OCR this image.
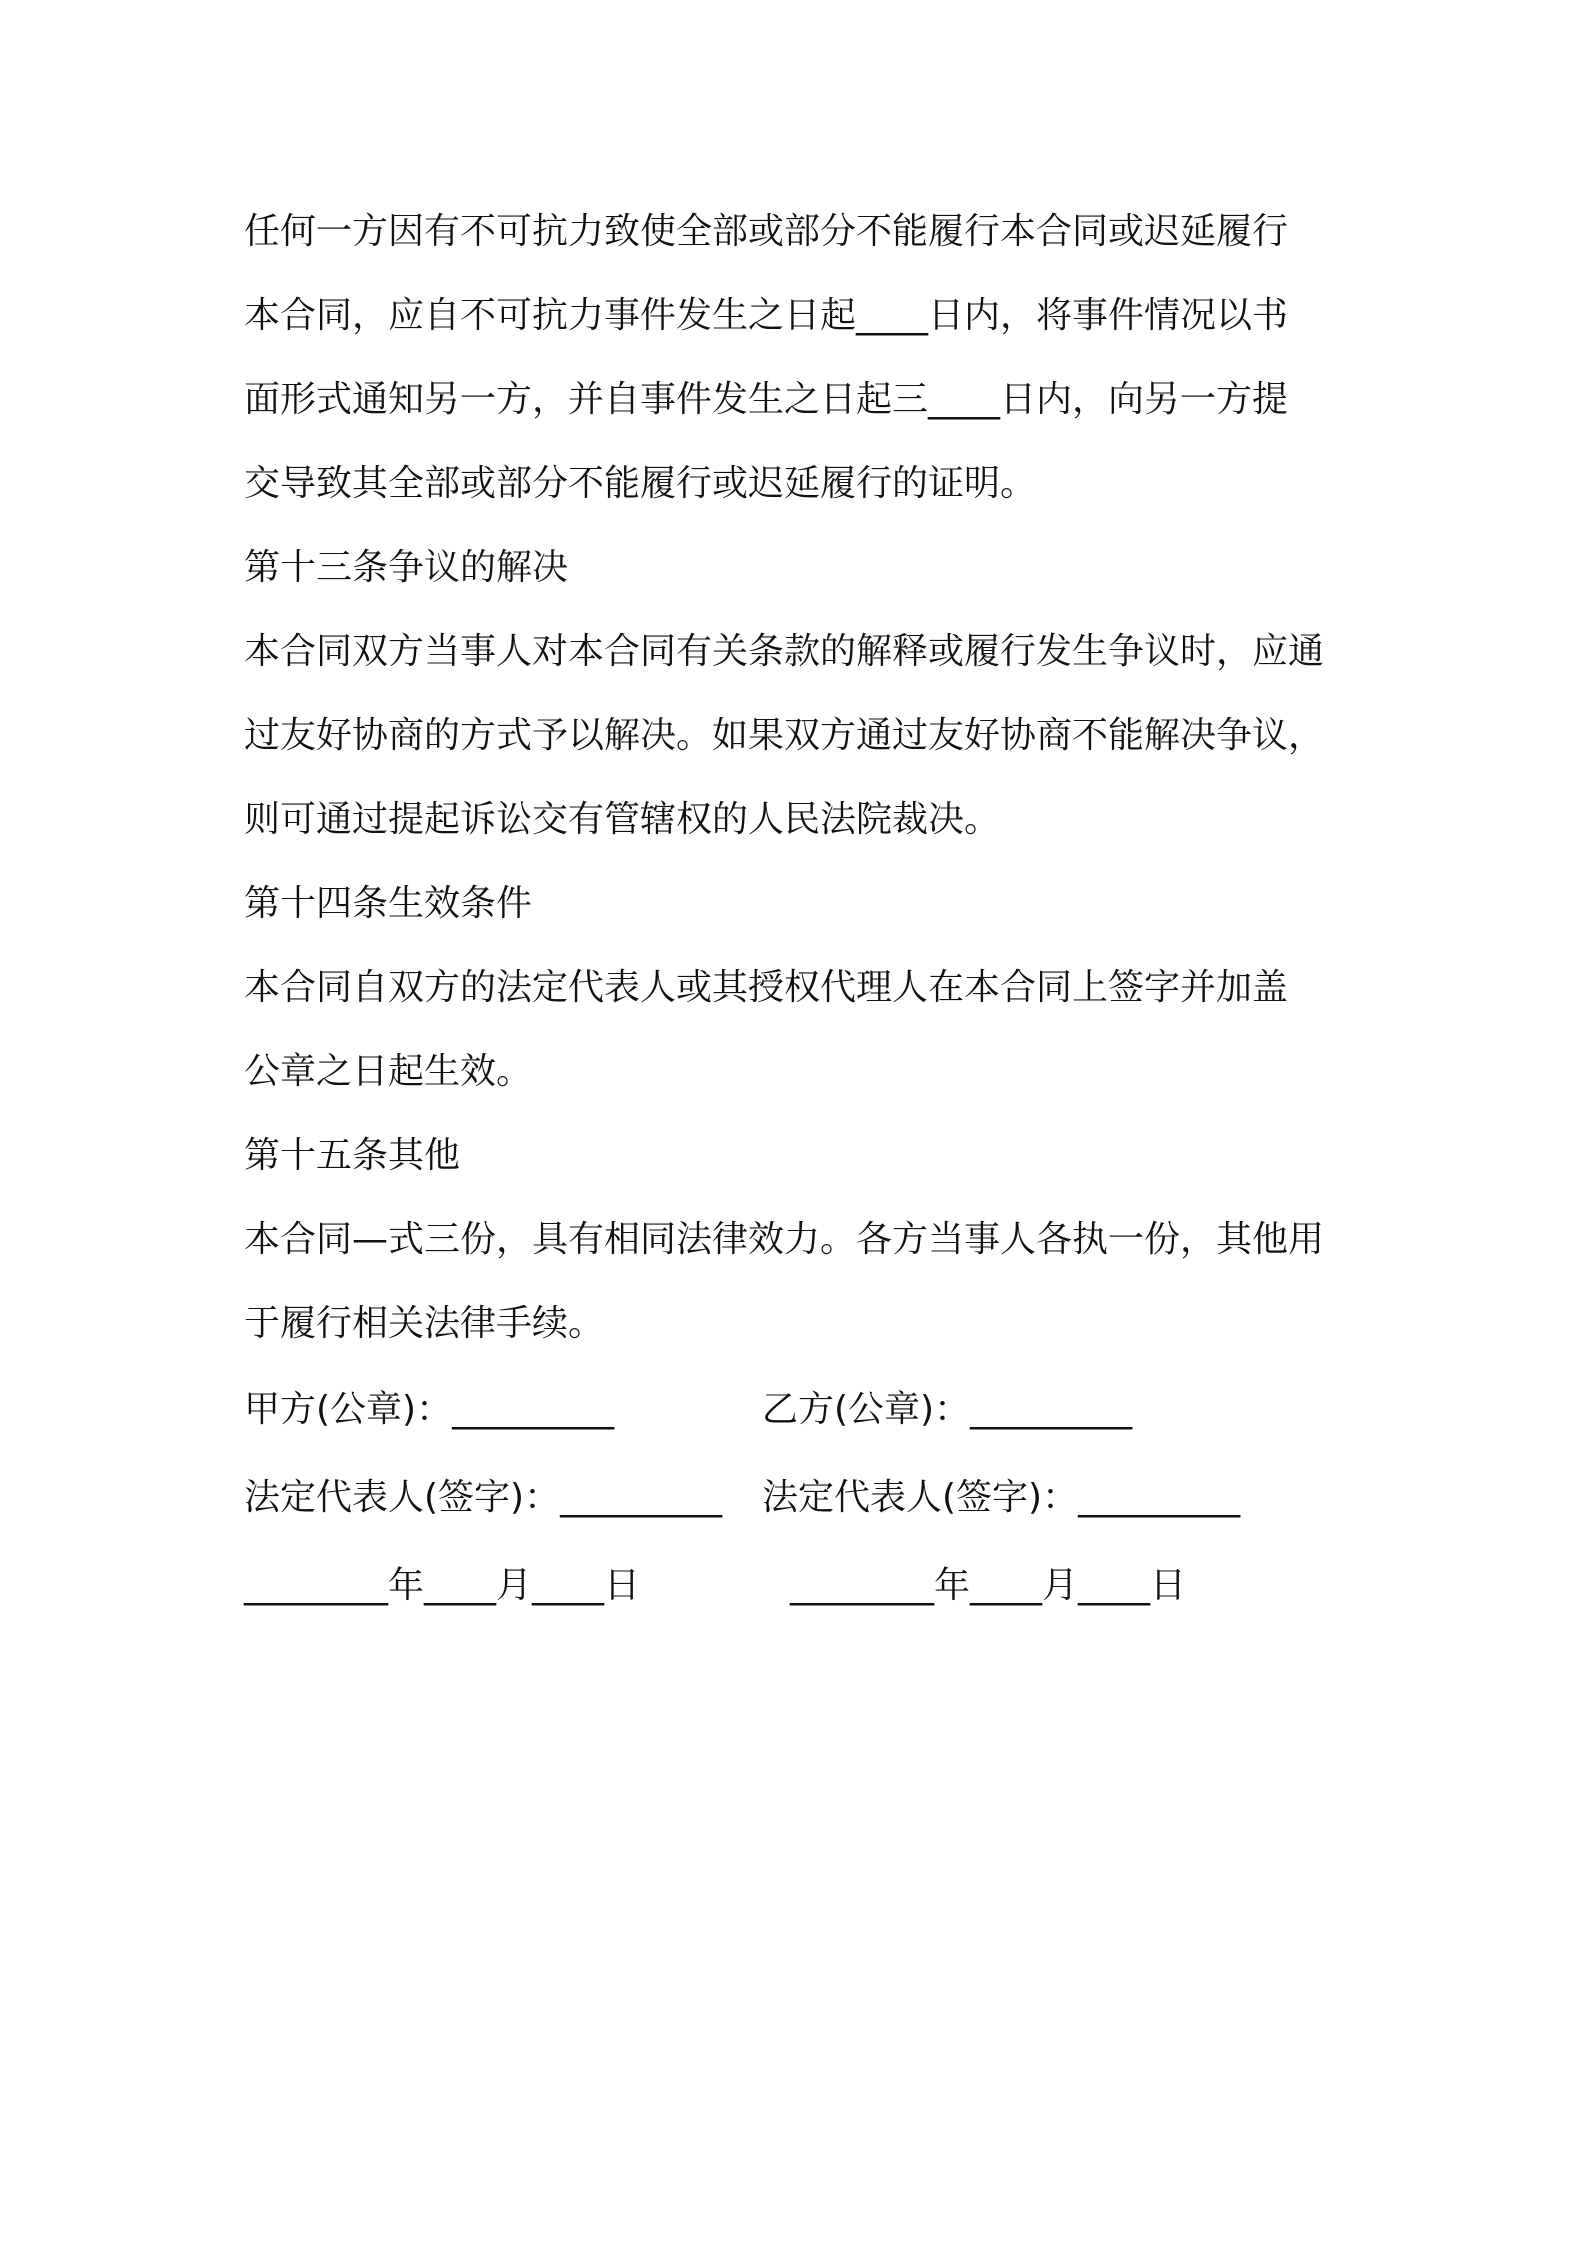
任何一方因有不可抗力致使全部或部分不能履行本合同或迟延履行
本合同，应自不可抗力事件发生之日起____日内，将事件情况以书
面形式通知另一方，并自事件发生之日起三____日内，向另一方提
交导致其全部或部分不能履行或迟延履行的证明。
第十三条争议的解决
本合同双方当事人对本合同有关条款的解释或履行发生争议时，应通
过友好协商的方式予以解决。如果双方通过友好协商不能解决争议，
则可通过提起诉讼交有管辖权的人民法院裁决。
第十四条生效条件
本合同自双方的法定代表人或其授权代理人在本合同上签字并加盖
公章之日起生效。
第十五条其他
本合同—式三份，具有相同法律效力。各方当事人各执一份，其他用
于履行相关法律手续。
甲方(公章)：_________	乙方(公章)：_________
法定代表人(签字)：_________ 法定代表人(签字)：_________
________年____月____日	________年____月____日
